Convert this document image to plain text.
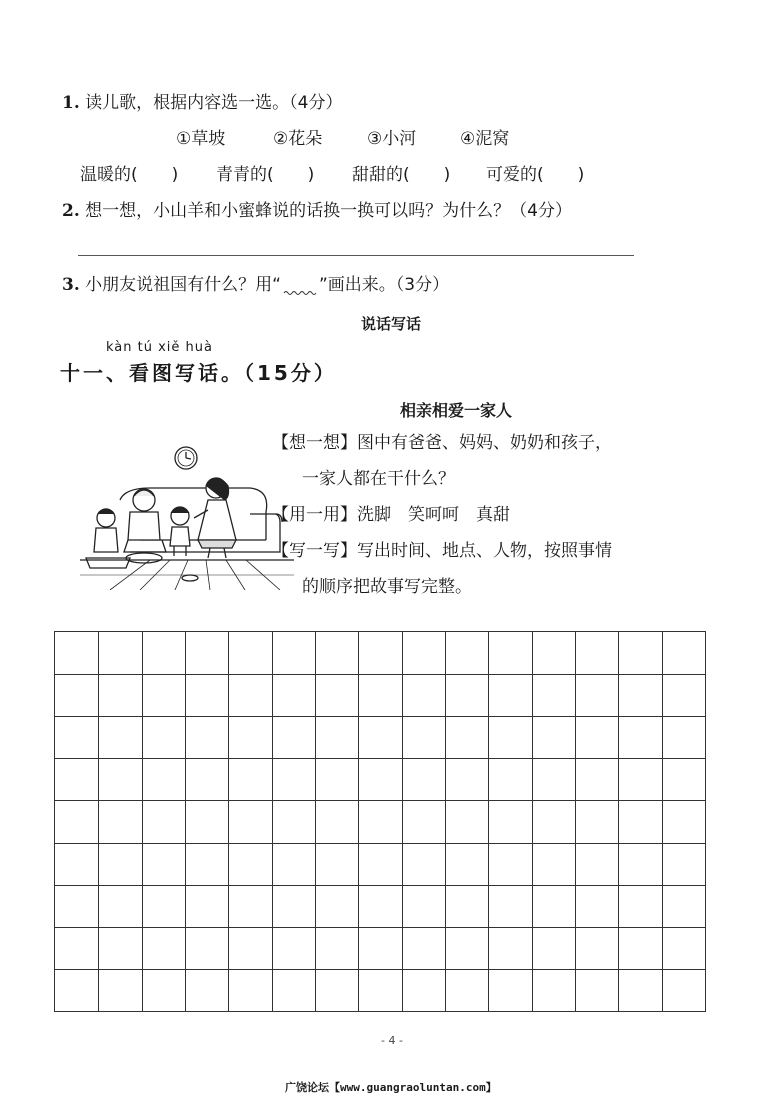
1. 读儿歌，根据内容选一选。（4分）
①草坡	②花朵	③小河	④泥窝
温暖的(　　) 青青的(　　) 甜甜的(　　) 可爱的(　　)
2. 想一想，小山羊和小蜜蜂说的话换一换可以吗？为什么？（4分）
3. 小朋友说祖国有什么？用“ ”画出来。（3分）
说话写话
kàn tú xiě huà
十一、看图写话。（15分）
相亲相爱一家人
【想一想】图中有爸爸、妈妈、奶奶和孩子，
一家人都在干什么？
【用一用】洗脚　笑呵呵　真甜
【写一写】写出时间、地点、人物，按照事情
的顺序把故事写完整。
- 4 -
广饶论坛【www.guangraoluntan.com】
